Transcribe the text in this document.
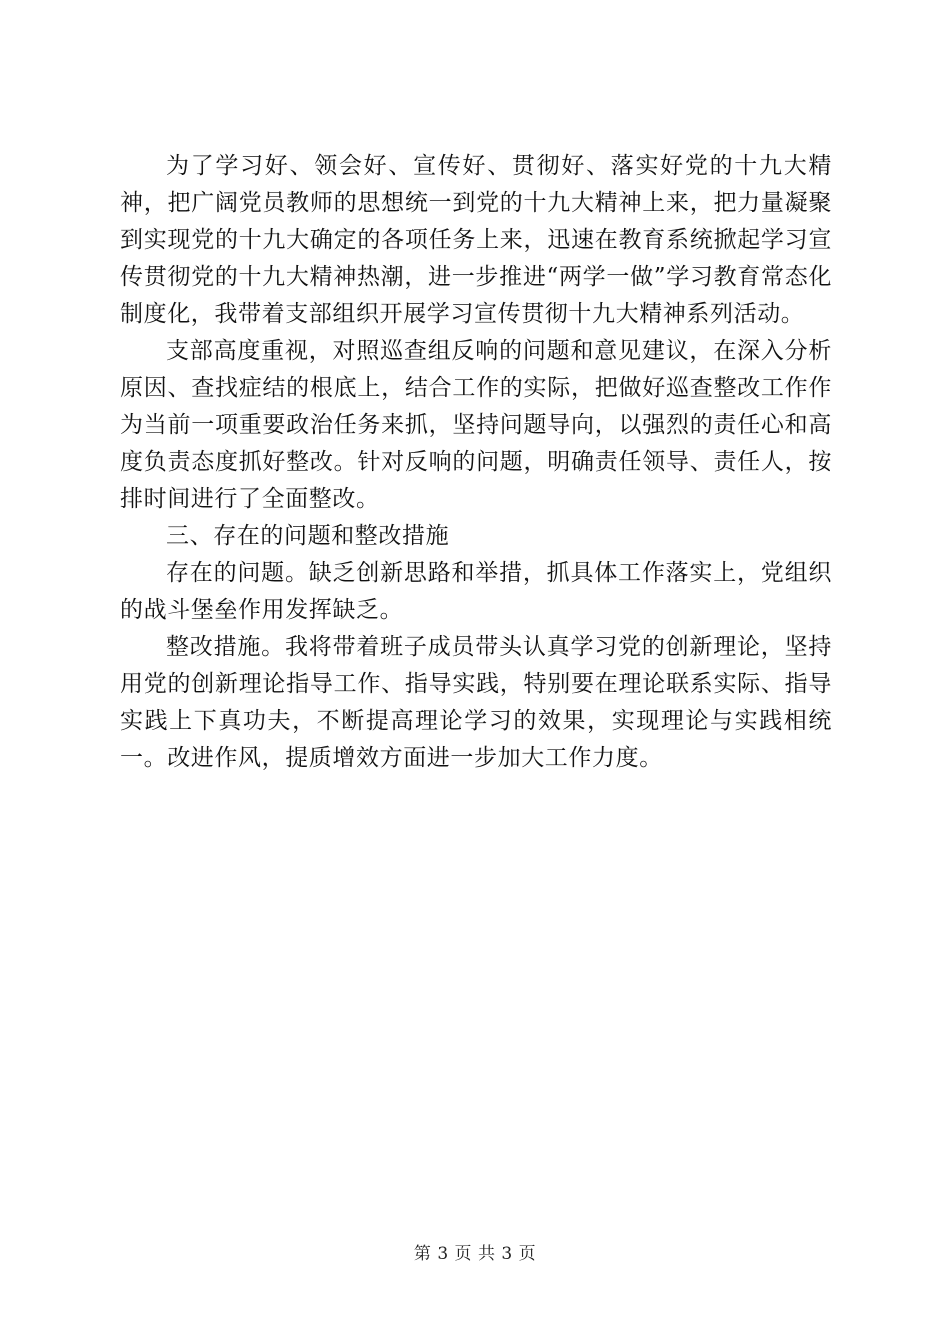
为了学习好、领会好、宣传好、贯彻好、落实好党的十九大精神，把广阔党员教师的思想统一到党的十九大精神上来，把力量凝聚到实现党的十九大确定的各项任务上来，迅速在教育系统掀起学习宣传贯彻党的十九大精神热潮，进一步推进“两学一做”学习教育常态化制度化，我带着支部组织开展学习宣传贯彻十九大精神系列活动。

支部高度重视，对照巡查组反响的问题和意见建议，在深入分析原因、查找症结的根底上，结合工作的实际，把做好巡查整改工作作为当前一项重要政治任务来抓，坚持问题导向，以强烈的责任心和高度负责态度抓好整改。针对反响的问题，明确责任领导、责任人，按排时间进行了全面整改。

三、存在的问题和整改措施

存在的问题。缺乏创新思路和举措，抓具体工作落实上，党组织的战斗堡垒作用发挥缺乏。

整改措施。我将带着班子成员带头认真学习党的创新理论，坚持用党的创新理论指导工作、指导实践，特别要在理论联系实际、指导实践上下真功夫，不断提高理论学习的效果，实现理论与实践相统一。改进作风，提质增效方面进一步加大工作力度。

第 3 页 共 3 页
